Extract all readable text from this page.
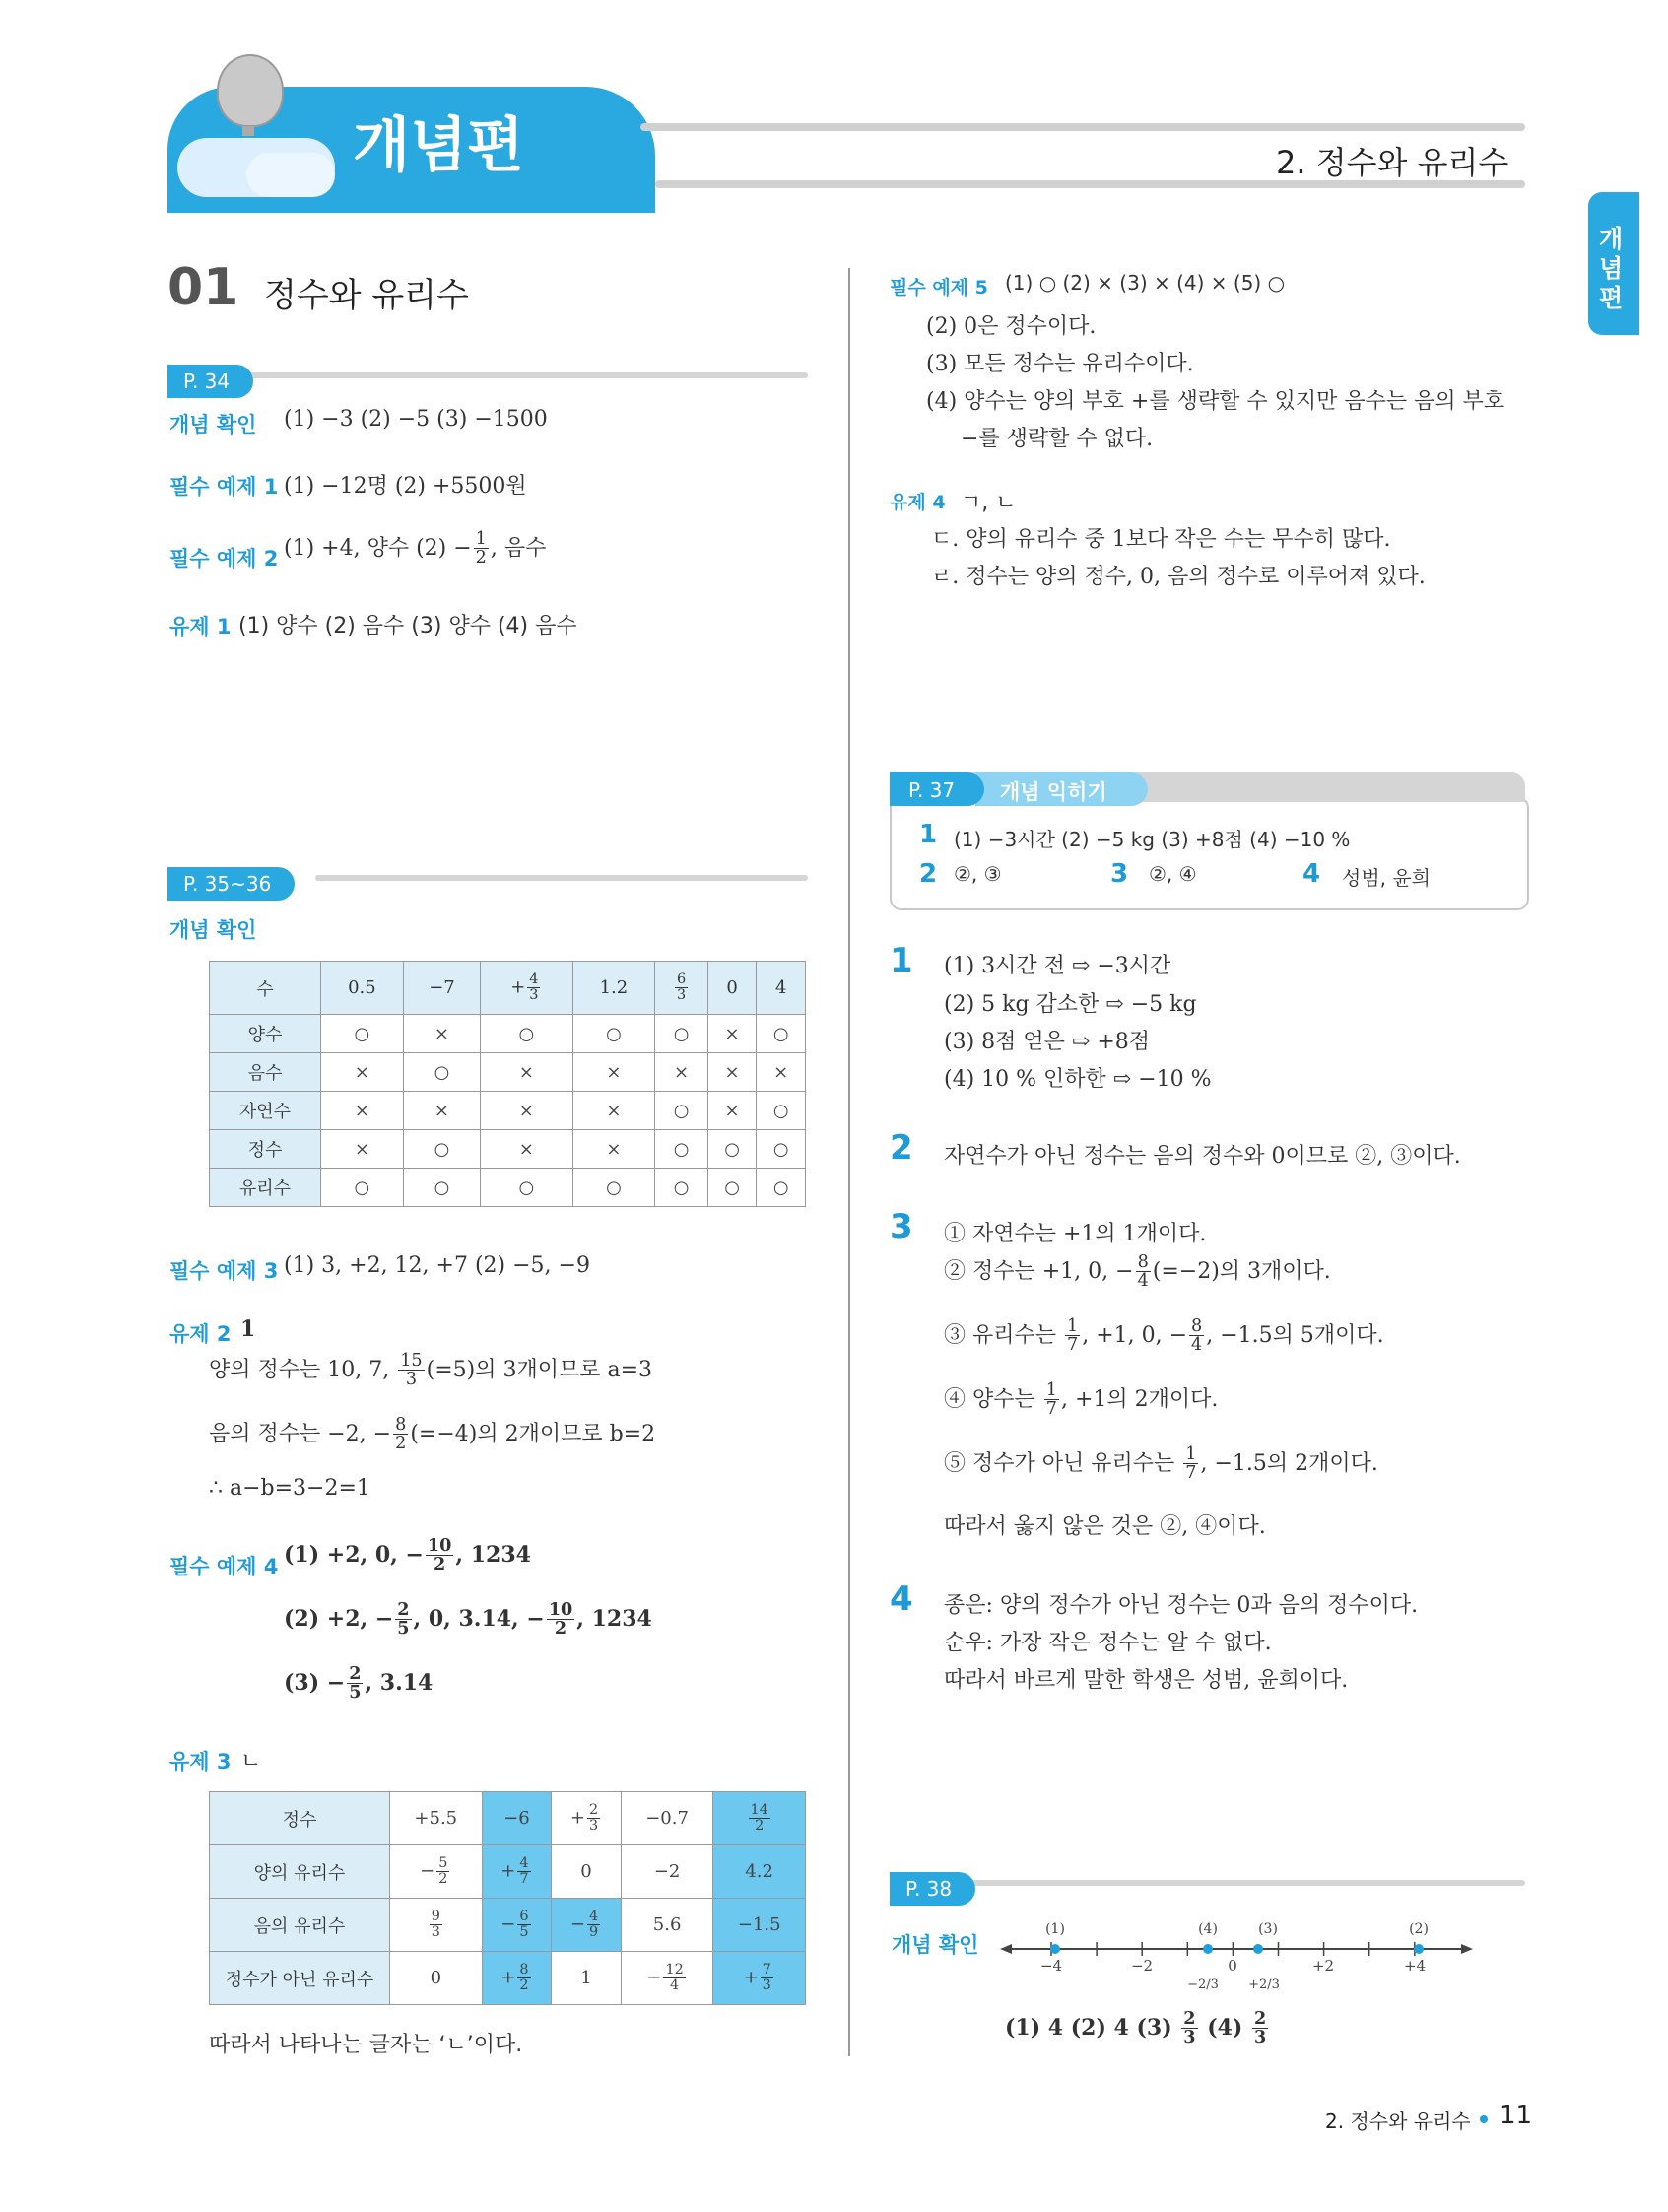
개념편	2. 정수와 유리수
개념편
01 정수와 유리수
P. 34
개념 확인 (1) −3 (2) −5 (3) −1500
필수 예제 1 (1) −12명 (2) +5500원
필수 예제 2 (1) +4, 양수 $(2) - \frac{1}{2}$ , 음수
유제 1 (1) 양수 (2) 음수 (3) 양수 (4) 음수
P. 35~36
개념 확인
수	0.5	−7	+ $\frac{4}{3}$	1.2	$\frac{6}{3}$	0	4
양수	○	×	○	○	○	×	○
음수	×	○	×	×	×	×	×
자연수	×	×	×	×	○	×	○
정수	×	○	×	×	○	○	○
유리수	○	○	○	○	○	○	○
필수 예제 3 (1) 3, +2, 12, +7 (2) −5, −9
유제 2 1
양의 정수는 10, 7, $\frac{15}{3} (=5)$의 3개이므로 a=3
음의 정수는 −2, − $\frac{8}{2} (=-4)$의 2개이므로 b=2
∴ a−b=3−2=1
필수 예제 4 (1) +2, 0, − $\frac{10}{2}$ , 1234
(2) +2, − $\frac{2}{5}$ , 0, 3.14, − $\frac{10}{2}$ , 1234
$(3) - \frac{2}{5}$ , 3.14
유제 3 ㄴ
정수	+5.5	−6	+ $\frac{2}{3}$	−0.7	$\frac{14}{2}$

양의 유리수	− $\frac{5}{2}$	+ $\frac{4}{7}$	0	−2	4.2
음의 유리수	$\frac{9}{3}$	− $\frac{6}{5}$	− $\frac{4}{9}$	5.6	−1.5
정수가 아닌 유리수	0	+ $\frac{8}{2}$	1	− $\frac{12}{4}$	+ $\frac{7}{3}$
따라서 나타나는 글자는 ‘ㄴ’이다.
필수 예제 5 (1) ○ (2) × (3) × (4) × (5) ○
(2) 0은 정수이다.
(3) 모든 정수는 유리수이다.
(4) 양수는 양의 부호 +를 생략할 수 있지만 음수는 음의 부호
−를 생략할 수 없다.
유제 4 ㄱ, ㄴ
ㄷ. 양의 유리수 중 1보다 작은 수는 무수히 많다.
ㄹ. 정수는 양의 정수, 0, 음의 정수로 이루어져 있다.
P. 37 개념 익히기
1 (1) −3시간 (2) −5 kg (3) +8점 (4) −10 %
2 ②, ③	3 ②, ④	4 성범, 윤희
1 (1) 3시간 전 ⇨ −3시간
(2) 5 kg 감소한 ⇨ −5 kg
(3) 8점 얻은 ⇨ +8점
(4) 10 % 인하한 ⇨ −10 %
2 자연수가 아닌 정수는 음의 정수와 0이므로 ②, ③이다.
3 ① 자연수는 +1의 1개이다.
② 정수는 +1, 0, − $\frac{8}{4} (=-2)$의 3개이다.
③ 유리수는 $\frac{1}{7}$ , +1, 0, − $\frac{8}{4}$ , −1.5의 5개이다.
④ 양수는 $\frac{1}{7}$ , +1의 2개이다.
⑤ 정수가 아닌 유리수는 $\frac{1}{7}$ , −1.5의 2개이다.
따라서 옳지 않은 것은 ②, ④이다.
4 종은: 양의 정수가 아닌 정수는 0과 음의 정수이다.
순우: 가장 작은 정수는 알 수 없다.
따라서 바르게 말한 학생은 성범, 윤희이다.
P. 38
개념 확인
(1)	(4)	(3)	(2)
−4	−2	0	+2	+4
−2/3 +2/3
(1) 4 (2) 4 $(3) \frac{2}{3} (4) \frac{2}{3}$
2. 정수와 유리수 11
